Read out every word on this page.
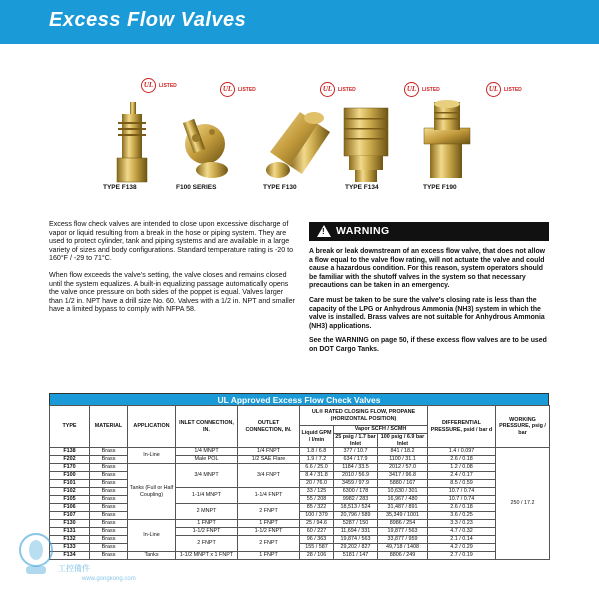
Excess Flow Valves
UL	LISTED	UL	LISTED	UL	LISTED	UL	LISTED	UL	LISTED
TYPE F138	F100 SERIES	TYPE F130	TYPE F134	TYPE F190

Excess flow check valves are intended to close upon excessive discharge of vapor or liquid resulting from a break in the hose or piping system. They are used to protect cylinder, tank and piping systems and are available in a large variety of sizes and body configurations. Standard temperature rating is -20 to 160°F / -29 to 71°C.

When flow exceeds the valve's setting, the valve closes and remains closed until the system equalizes. A built-in equalizing passage automatically opens the valve once pressure on both sides of the poppet is equal. Valves larger than 1/2 in. NPT have a drill size No. 60. Valves with a 1/2 in. NPT and smaller have a limited bypass to comply with NFPA 58.

!
WARNING

A break or leak downstream of an excess flow valve, that does not allow a flow equal to the valve flow rating, will not actuate the valve and could cause a hazardous condition. For this reason, system operators should be familiar with the shutoff valves in the system so that necessary precautions can be taken in an emergency.

Care must be taken to be sure the valve's closing rate is less than the capacity of the LPG or Anhydrous Ammonia (NH3) system in which the valve is installed. Brass valves are not suitable for Anhydrous Ammonia (NH3) applications.

See the WARNING on page 50, if these excess flow valves are to be used on DOT Cargo Tanks.

UL Approved Excess Flow Check Valves
TYPE	MATERIAL	APPLICATION	INLET CONNECTION, IN.	OUTLET CONNECTION, IN.	UL® RATED CLOSING FLOW, PROPANE (HORIZONTAL POSITION)			DIFFERENTIAL PRESSURE, psid / bar d	WORKING PRESSURE, psig / bar
					Liquid GPM / l/min	Vapor SCFH / SCMH			
						25 psig / 1.7 bar Inlet	100 psig / 6.9 bar Inlet		
F138	Brass	In-Line	1/4 MNPT	1/4 FNPT	1.8 / 6.8	377 / 10.7	841 / 18.2	1.4 / 0.097	250 / 17.2
F202	Brass		Male POL	1/2 SAE Flare	1.9 / 7.2	634 / 17.9	1100 / 31.1	2.6 / 0.18	
F170	Brass	Tanks (Full or Half Coupling)	3/4 MNPT	3/4 FNPT	6.6 / 25.0	1184 / 33.5	2012 / 57.0	1.2 / 0.08	
F100	Brass				8.4 / 31.8	2010 / 56.9	3417 / 96.8	2.4 / 0.17	
F101	Brass				20 / 76.0	3459 / 97.9	5880 / 167	8.5 / 0.59	
F102	Brass		1-1/4 MNPT	1-1/4 FNPT	33 / 125	6300 / 178	10,630 / 301	10.7 / 0.74	
F105	Brass				55 / 208	9982 / 283	16,967 / 480	10.7 / 0.74	
F106	Brass		2 MNPT	2 FNPT	85 / 322	18,513 / 524	31,487 / 891	2.6 / 0.18	
F107	Brass				100 / 379	20,796 / 589	35,349 / 1001	3.6 / 0.25	
F130	Brass	In-Line	1 FNPT	1 FNPT	25 / 94.6	5287 / 150	8986 / 254	3.3 / 0.23	
F131	Brass		1-1/2 FNPT	1-1/2 FNPT	60 / 227	11,694 / 331	19,877 / 563	4.7 / 0.32	
F132	Brass		2 FNPT	2 FNPT	96 / 363	19,874 / 563	33,877 / 959	2.1 / 0.14	
F133	Brass				155 / 587	29,202 / 827	49,718 / 1408	4.2 / 0.29	
F134	Brass	Tanks	1-1/2 MNPT x 1 FNPT	1 FNPT	28 / 106	5181 / 147	8806 / 249	2.7 / 0.19	
工控備件
www.gongkong.com
